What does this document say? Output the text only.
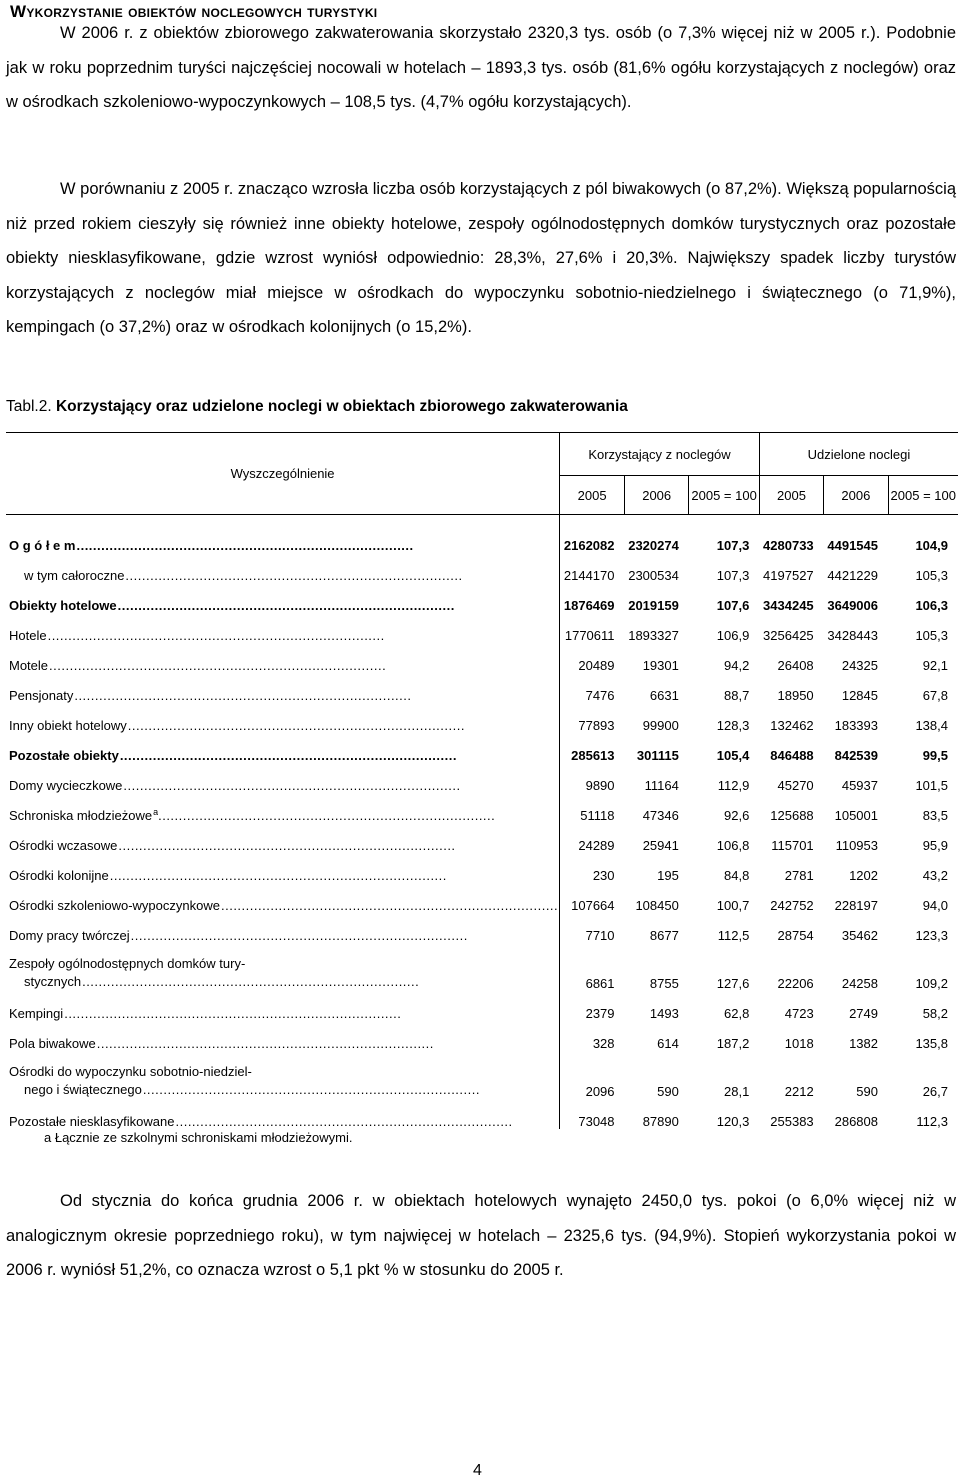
Wykorzystanie obiektów noclegowych turystyki

W 2006 r. z obiektów zbiorowego zakwaterowania skorzystało 2320,3 tys. osób (o 7,3% więcej niż w 2005 r.). Podobnie jak w roku poprzednim turyści najczęściej nocowali w hotelach – 1893,3 tys. osób (81,6% ogółu korzystających z noclegów) oraz w ośrodkach szkoleniowo-wypoczynkowych – 108,5 tys. (4,7% ogółu korzystających).

W porównaniu z 2005 r. znacząco wzrosła liczba osób korzystających z pól biwakowych (o 87,2%). Większą popularnością niż przed rokiem cieszyły się również inne obiekty hotelowe, zespoły ogólnodostępnych domków turystycznych oraz pozostałe obiekty niesklasyfikowane, gdzie wzrost wyniósł odpowiednio: 28,3%, 27,6% i 20,3%. Największy spadek liczby turystów korzystających z noclegów miał miejsce w ośrodkach do wypoczynku sobotnio-niedzielnego i świątecznego (o 71,9%), kempingach (o 37,2%) oraz w ośrodkach kolonijnych (o 15,2%).

Tabl.2. Korzystający oraz udzielone noclegi w obiektach zbiorowego zakwaterowania

Wyszczególnienie	Korzystający z noclegów			Udzielone noclegi		
	2005	2006	2005 = 100	2005	2006	2005 = 100
O g ó ł e m..................................................................................	2162082	2320274	107,3	4280733	4491545	104,9
w tym całoroczne..................................................................................	2144170	2300534	107,3	4197527	4421229	105,3
Obiekty hotelowe..................................................................................	1876469	2019159	107,6	3434245	3649006	106,3
Hotele..................................................................................	1770611	1893327	106,9	3256425	3428443	105,3
Motele..................................................................................	20489	19301	94,2	26408	24325	92,1
Pensjonaty..................................................................................	7476	6631	88,7	18950	12845	67,8
Inny obiekt hotelowy..................................................................................	77893	99900	128,3	132462	183393	138,4
Pozostałe obiekty..................................................................................	285613	301115	105,4	846488	842539	99,5
Domy wycieczkowe..................................................................................	9890	11164	112,9	45270	45937	101,5
Schroniska młodzieżowe$^a$..................................................................................	51118	47346	92,6	125688	105001	83,5
Ośrodki wczasowe..................................................................................	24289	25941	106,8	115701	110953	95,9
Ośrodki kolonijne..................................................................................	230	195	84,8	2781	1202	43,2
Ośrodki szkoleniowo-wypoczynkowe..................................................................................	107664	108450	100,7	242752	228197	94,0
Domy pracy twórczej..................................................................................	7710	8677	112,5	28754	35462	123,3

Zespoły ogólnodostępnych domków tury-
stycznych..................................................................................	6861	8755	127,6	22206	24258	109,2
Kempingi..................................................................................	2379	1493	62,8	4723	2749	58,2
Pola biwakowe..................................................................................	328	614	187,2	1018	1382	135,8

Ośrodki do wypoczynku sobotnio-niedziel-
nego i świątecznego..................................................................................	2096	590	28,1	2212	590	26,7
Pozostałe niesklasyfikowane..................................................................................	73048	87890	120,3	255383	286808	112,3

a Łącznie ze szkolnymi schroniskami młodzieżowymi.

Od stycznia do końca grudnia 2006 r. w obiektach hotelowych wynajęto 2450,0 tys. pokoi (o 6,0% więcej niż w analogicznym okresie poprzedniego roku), w tym najwięcej w hotelach – 2325,6 tys. (94,9%). Stopień wykorzystania pokoi w 2006 r. wyniósł 51,2%, co oznacza wzrost o 5,1 pkt % w stosunku do 2005 r.

4
